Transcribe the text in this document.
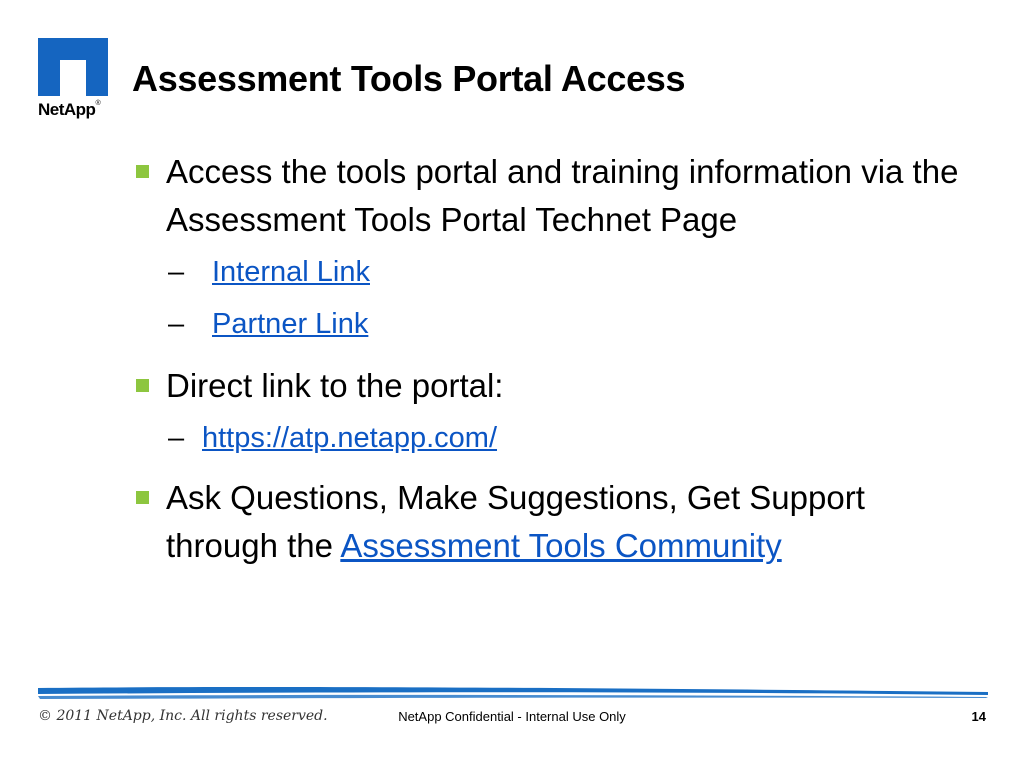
NetApp®
Assessment Tools Portal Access
Access the tools portal and training information via the Assessment Tools Portal Technet Page
– Internal Link
– Partner Link
Direct link to the portal:
– https://atp.netapp.com/
Ask Questions, Make Suggestions, Get Support through the Assessment Tools Community
© 2011 NetApp, Inc. All rights reserved.	NetApp Confidential - Internal Use Only	14
